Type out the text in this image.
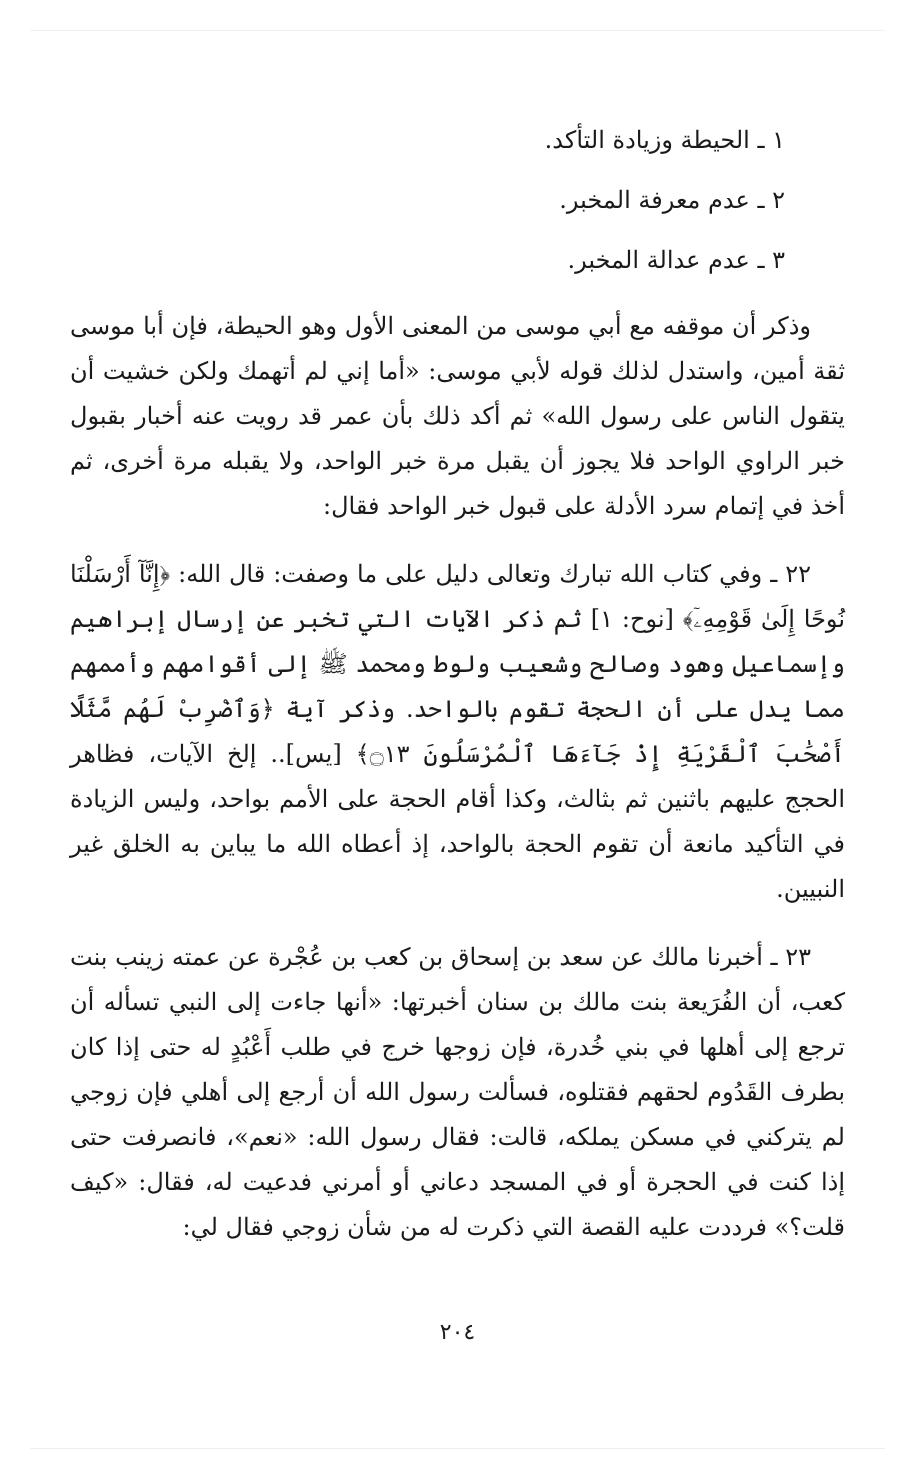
١ ـ الحيطة وزيادة التأكد.

٢ ـ عدم معرفة المخبر.

٣ ـ عدم عدالة المخبر.

وذكر أن موقفه مع أبي موسى من المعنى الأول وهو الحيطة، فإن أبا موسى ثقة أمين، واستدل لذلك قوله لأبي موسى: «أما إني لم أتهمك ولكن خشيت أن يتقول الناس على رسول الله» ثم أكد ذلك بأن عمر قد رويت عنه أخبار بقبول خبر الراوي الواحد فلا يجوز أن يقبل مرة خبر الواحد، ولا يقبله مرة أخرى، ثم أخذ في إتمام سرد الأدلة على قبول خبر الواحد فقال:

٢٢ ـ وفي كتاب الله تبارك وتعالى دليل على ما وصفت: قال الله: ﴿إِنَّآ أَرْسَلْنَا نُوحًا إِلَىٰ قَوْمِهِۦٓ﴾ [نوح: ١] ثم ذكر الآيات التي تخبر عن إرسال إبراهيم وإسماعيل وهود وصالح وشعيب ولوط ومحمد ﷺ إلى أقوامهم وأممهم مما يدل على أن الحجة تقوم بالواحد. وذكر آية ﴿وَٱضْرِبْ لَهُم مَّثَلًا أَصْحَٰبَ ٱلْقَرْيَةِ إِذْ جَآءَهَا ٱلْمُرْسَلُونَ ۝١٣﴾ [يس].. إلخ الآيات، فظاهر الحجج عليهم باثنين ثم بثالث، وكذا أقام الحجة على الأمم بواحد، وليس الزيادة في التأكيد مانعة أن تقوم الحجة بالواحد، إذ أعطاه الله ما يباين به الخلق غير النبيين.

٢٣ ـ أخبرنا مالك عن سعد بن إسحاق بن كعب بن عُجْرة عن عمته زينب بنت كعب، أن الفُرَيعة بنت مالك بن سنان أخبرتها: «أنها جاءت إلى النبي تسأله أن ترجع إلى أهلها في بني خُدرة، فإن زوجها خرج في طلب أَعْبُدٍ له حتى إذا كان بطرف القَدُوم لحقهم فقتلوه، فسألت رسول الله أن أرجع إلى أهلي فإن زوجي لم يتركني في مسكن يملكه، قالت: فقال رسول الله: «نعم»، فانصرفت حتى إذا كنت في الحجرة أو في المسجد دعاني أو أمرني فدعيت له، فقال: «كيف قلت؟» فرددت عليه القصة التي ذكرت له من شأن زوجي فقال لي:

٢٠٤
